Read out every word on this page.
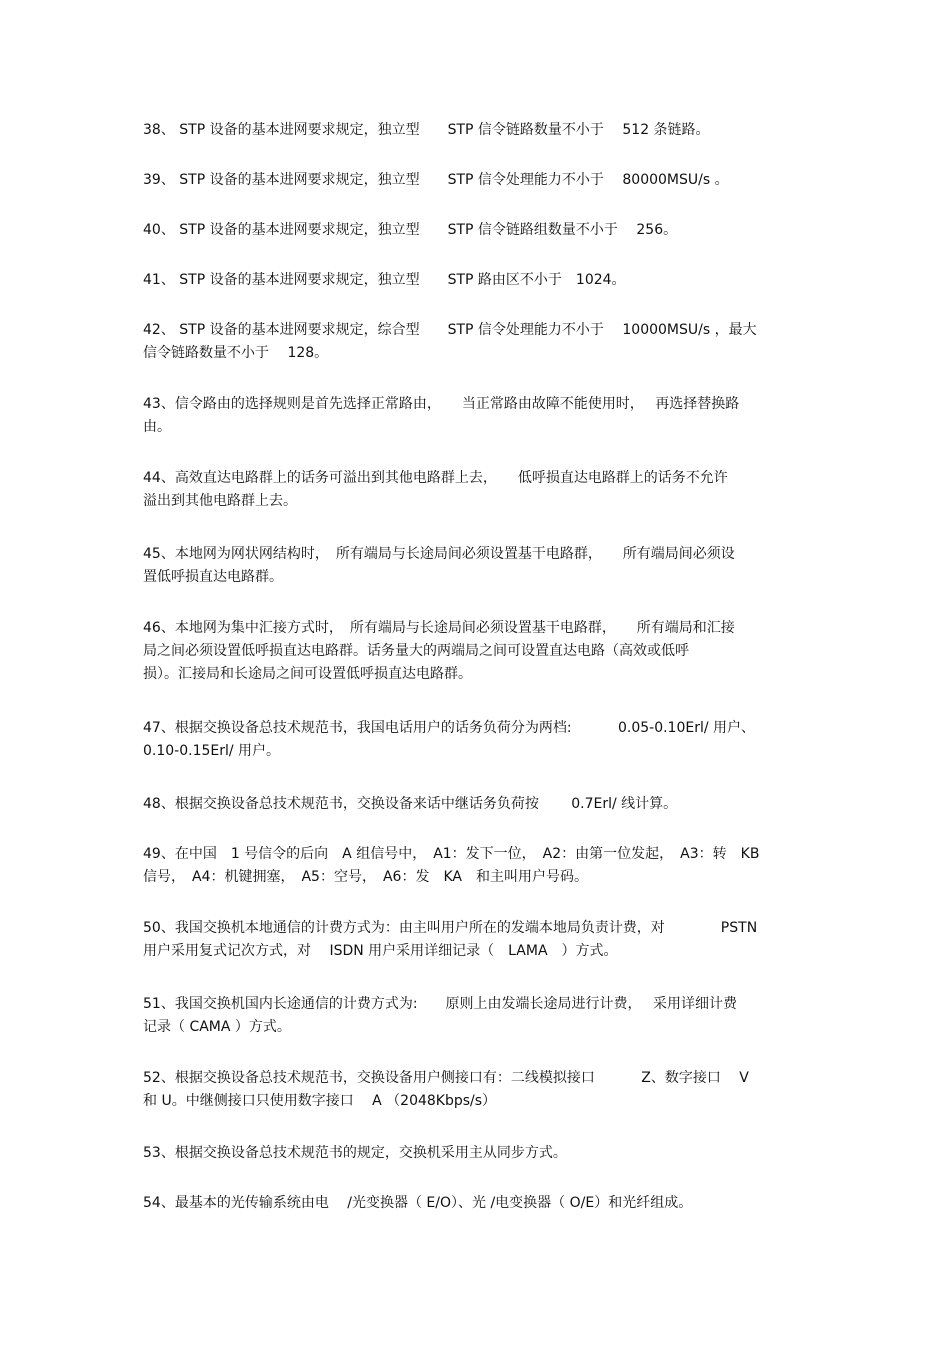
38、 STP 设备的基本进网要求规定，独立型　　STP 信令链路数量不小于　 512 条链路。
39、 STP 设备的基本进网要求规定，独立型　　STP 信令处理能力不小于　 80000MSU/s 。
40、 STP 设备的基本进网要求规定，独立型　　STP 信令链路组数量不小于　 256。
41、 STP 设备的基本进网要求规定，独立型　　STP 路由区不小于　1024。
42、 STP 设备的基本进网要求规定，综合型　　STP 信令处理能力不小于　 10000MSU/s ，最大
信令链路数量不小于　 128。
43、信令路由的选择规则是首先选择正常路由，　　当正常路由故障不能使用时，　 再选择替换路
由。
44、高效直达电路群上的话务可溢出到其他电路群上去，　　低呼损直达电路群上的话务不允许
溢出到其他电路群上去。
45、本地网为网状网结构时，　所有端局与长途局间必须设置基干电路群，　　所有端局间必须设
置低呼损直达电路群。
46、本地网为集中汇接方式时，　所有端局与长途局间必须设置基干电路群，　　所有端局和汇接
局之间必须设置低呼损直达电路群。话务量大的两端局之间可设置直达电路（高效或低呼
损）。汇接局和长途局之间可设置低呼损直达电路群。
47、根据交换设备总技术规范书，我国电话用户的话务负荷分为两档:　　　 0.05-0.10Erl/ 用户、
0.10-0.15Erl/ 用户。
48、根据交换设备总技术规范书，交换设备来话中继话务负荷按　　 0.7Erl/ 线计算。
49、在中国　1 号信令的后向　A 组信号中，　A1：发下一位，　A2：由第一位发起，　A3：转　KB
信号，　A4：机键拥塞，　A5：空号，　A6：发　KA　和主叫用户号码。
50、我国交换机本地通信的计费方式为：由主叫用户所在的发端本地局负责计费，对　　　　PSTN
用户采用复式记次方式，对　 ISDN 用户采用详细记录（　LAMA　）方式。
51、我国交换机国内长途通信的计费方式为:　　原则上由发端长途局进行计费，　 采用详细计费
记录（ CAMA ）方式。
52、根据交换设备总技术规范书，交换设备用户侧接口有：二线模拟接口　　　 Z、数字接口　 V
和 U。中继侧接口只使用数字接口　 A （2048Kbps/s）
53、根据交换设备总技术规范书的规定，交换机采用主从同步方式。
54、最基本的光传输系统由电　 /光变换器（ E/O）、光 /电变换器（ O/E）和光纤组成。
